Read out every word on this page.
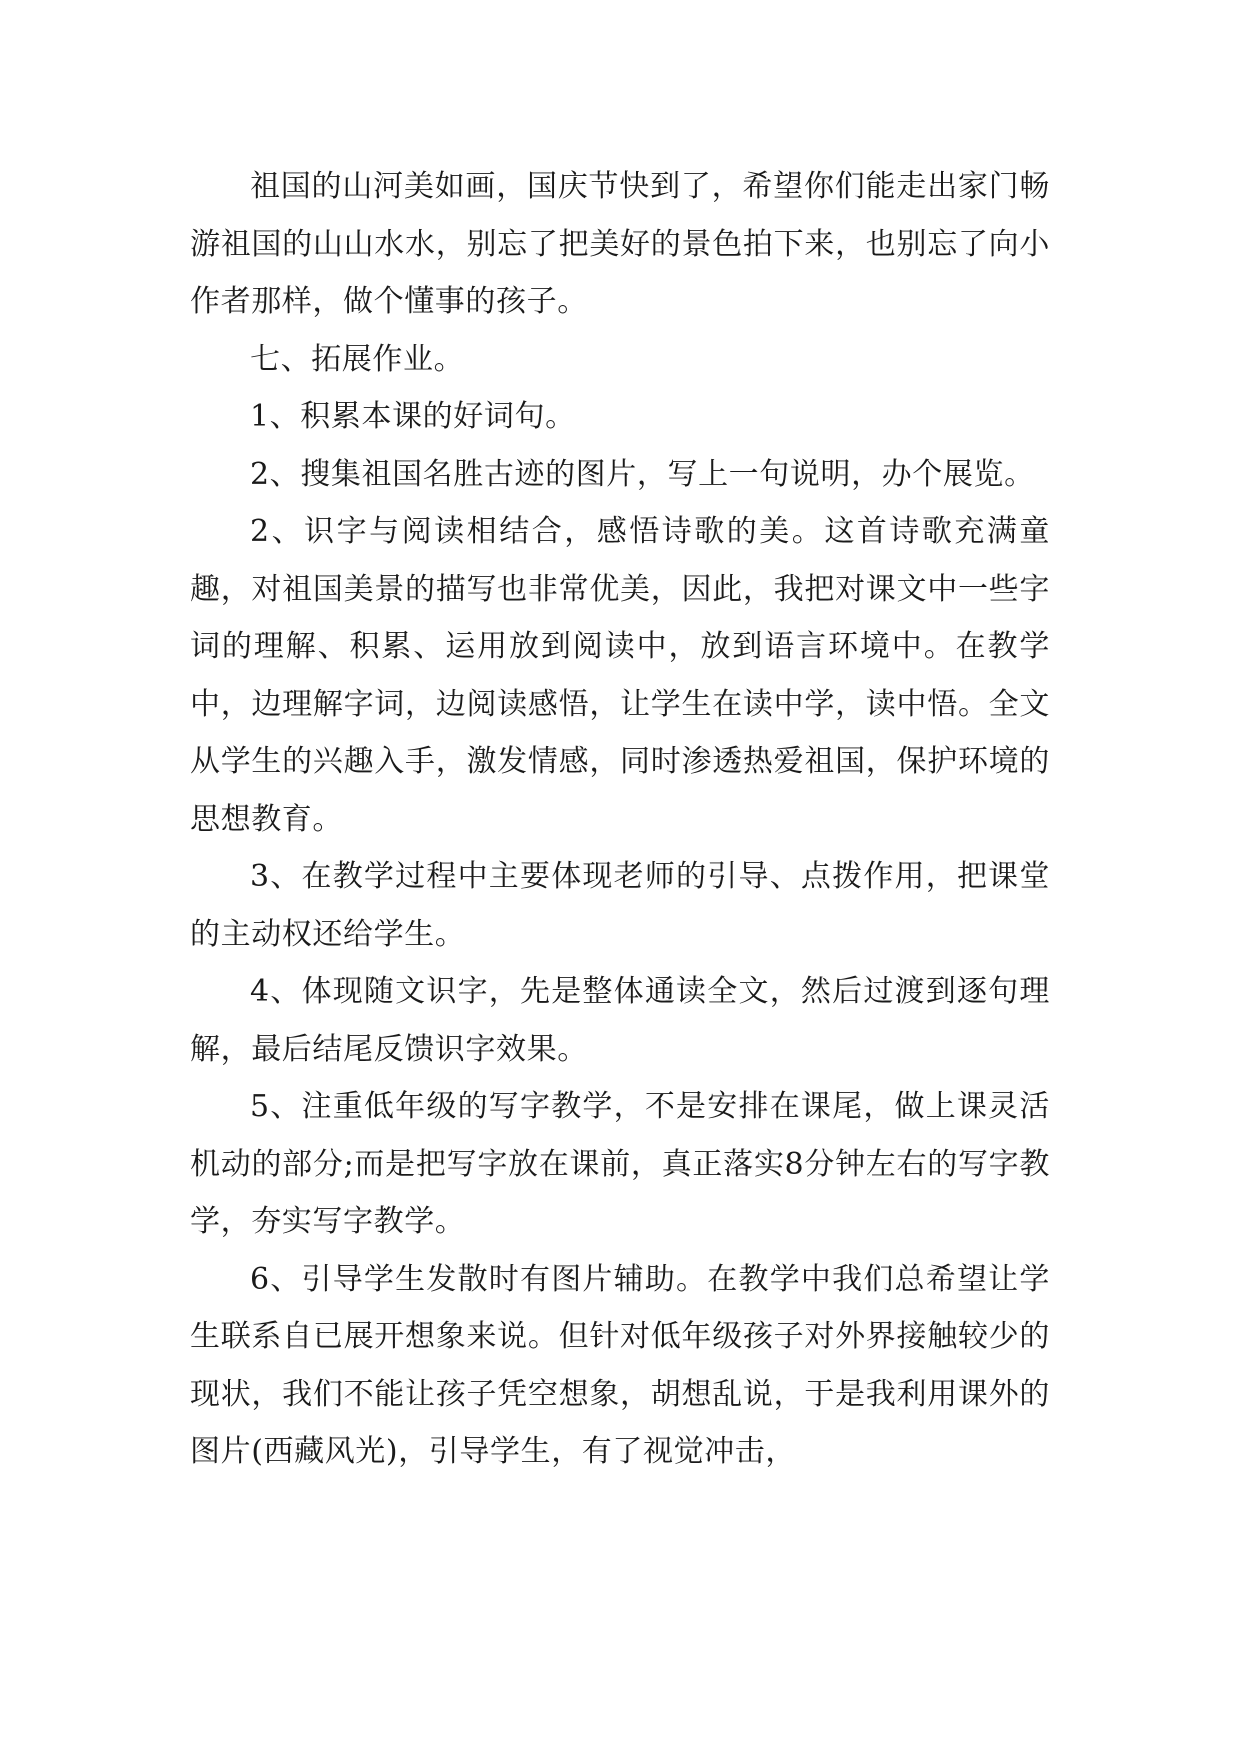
祖国的山河美如画，国庆节快到了，希望你们能走出家门畅游祖国的山山水水，别忘了把美好的景色拍下来，也别忘了向小作者那样，做个懂事的孩子。

七、拓展作业。

1、积累本课的好词句。

2、搜集祖国名胜古迹的图片，写上一句说明，办个展览。

2、识字与阅读相结合，感悟诗歌的美。这首诗歌充满童趣，对祖国美景的描写也非常优美，因此，我把对课文中一些字词的理解、积累、运用放到阅读中，放到语言环境中。在教学中，边理解字词，边阅读感悟，让学生在读中学，读中悟。全文从学生的兴趣入手，激发情感，同时渗透热爱祖国，保护环境的思想教育。

3、在教学过程中主要体现老师的引导、点拨作用，把课堂的主动权还给学生。

4、体现随文识字，先是整体通读全文，然后过渡到逐句理解，最后结尾反馈识字效果。

5、注重低年级的写字教学，不是安排在课尾，做上课灵活机动的部分;而是把写字放在课前，真正落实8分钟左右的写字教学，夯实写字教学。

6、引导学生发散时有图片辅助。在教学中我们总希望让学生联系自已展开想象来说。但针对低年级孩子对外界接触较少的现状，我们不能让孩子凭空想象，胡想乱说，于是我利用课外的图片(西藏风光)，引导学生，有了视觉冲击，
